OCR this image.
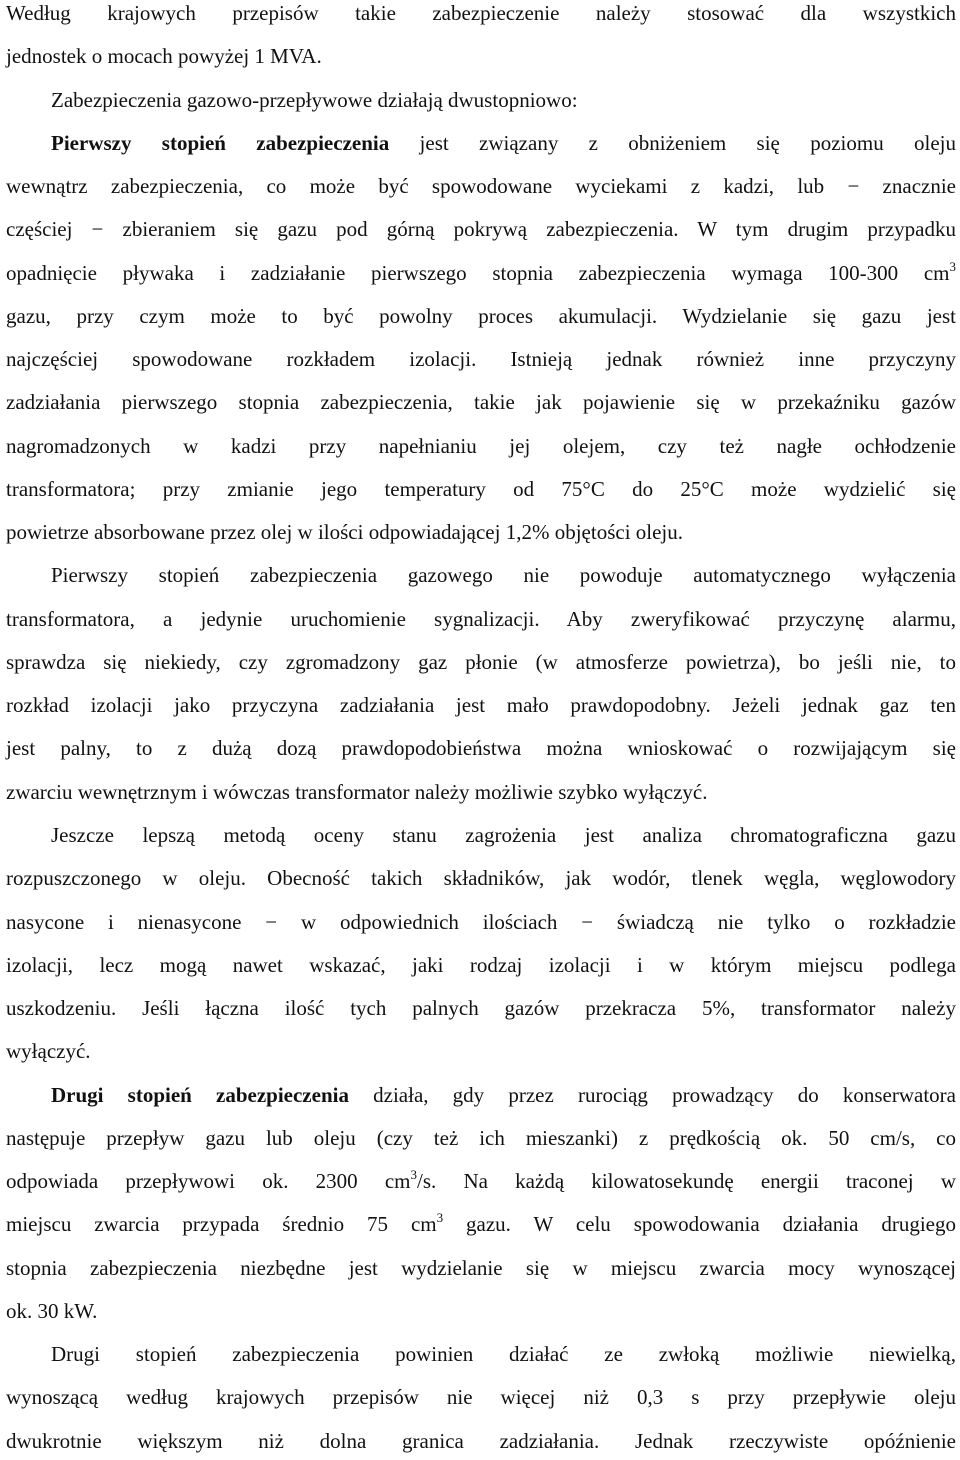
Według krajowych przepisów takie zabezpieczenie należy stosować dla wszystkich
jednostek o mocach powyżej 1 MVA.
Zabezpieczenia gazowo-przepływowe działają dwustopniowo:
Pierwszy stopień zabezpieczenia jest związany z obniżeniem się poziomu oleju
wewnątrz zabezpieczenia, co może być spowodowane wyciekami z kadzi, lub − znacznie
częściej − zbieraniem się gazu pod górną pokrywą zabezpieczenia. W tym drugim przypadku
opadnięcie pływaka i zadziałanie pierwszego stopnia zabezpieczenia wymaga 100-300 $cm^3$
gazu, przy czym może to być powolny proces akumulacji. Wydzielanie się gazu jest
najczęściej spowodowane rozkładem izolacji. Istnieją jednak również inne przyczyny
zadziałania pierwszego stopnia zabezpieczenia, takie jak pojawienie się w przekaźniku gazów
nagromadzonych w kadzi przy napełnianiu jej olejem, czy też nagłe ochłodzenie
transformatora; przy zmianie jego temperatury od 75°C do 25°C może wydzielić się
powietrze absorbowane przez olej w ilości odpowiadającej 1,2% objętości oleju.
Pierwszy stopień zabezpieczenia gazowego nie powoduje automatycznego wyłączenia
transformatora, a jedynie uruchomienie sygnalizacji. Aby zweryfikować przyczynę alarmu,
sprawdza się niekiedy, czy zgromadzony gaz płonie (w atmosferze powietrza), bo jeśli nie, to
rozkład izolacji jako przyczyna zadziałania jest mało prawdopodobny. Jeżeli jednak gaz ten
jest palny, to z dużą dozą prawdopodobieństwa można wnioskować o rozwijającym się
zwarciu wewnętrznym i wówczas transformator należy możliwie szybko wyłączyć.
Jeszcze lepszą metodą oceny stanu zagrożenia jest analiza chromatograficzna gazu
rozpuszczonego w oleju. Obecność takich składników, jak wodór, tlenek węgla, węglowodory
nasycone i nienasycone − w odpowiednich ilościach − świadczą nie tylko o rozkładzie
izolacji, lecz mogą nawet wskazać, jaki rodzaj izolacji i w którym miejscu podlega
uszkodzeniu. Jeśli łączna ilość tych palnych gazów przekracza 5%, transformator należy
wyłączyć.
Drugi stopień zabezpieczenia działa, gdy przez rurociąg prowadzący do konserwatora
następuje przepływ gazu lub oleju (czy też ich mieszanki) z prędkością ok. 50 cm/s, co
odpowiada przepływowi ok. 2300 $cm^3/s$. Na każdą kilowatosekundę energii traconej w
miejscu zwarcia przypada średnio 75 $cm^3$ gazu. W celu spowodowania działania drugiego
stopnia zabezpieczenia niezbędne jest wydzielanie się w miejscu zwarcia mocy wynoszącej
ok. 30 kW.
Drugi stopień zabezpieczenia powinien działać ze zwłoką możliwie niewielką,
wynoszącą według krajowych przepisów nie więcej niż 0,3 s przy przepływie oleju
dwukrotnie większym niż dolna granica zadziałania. Jednak rzeczywiste opóźnienie
